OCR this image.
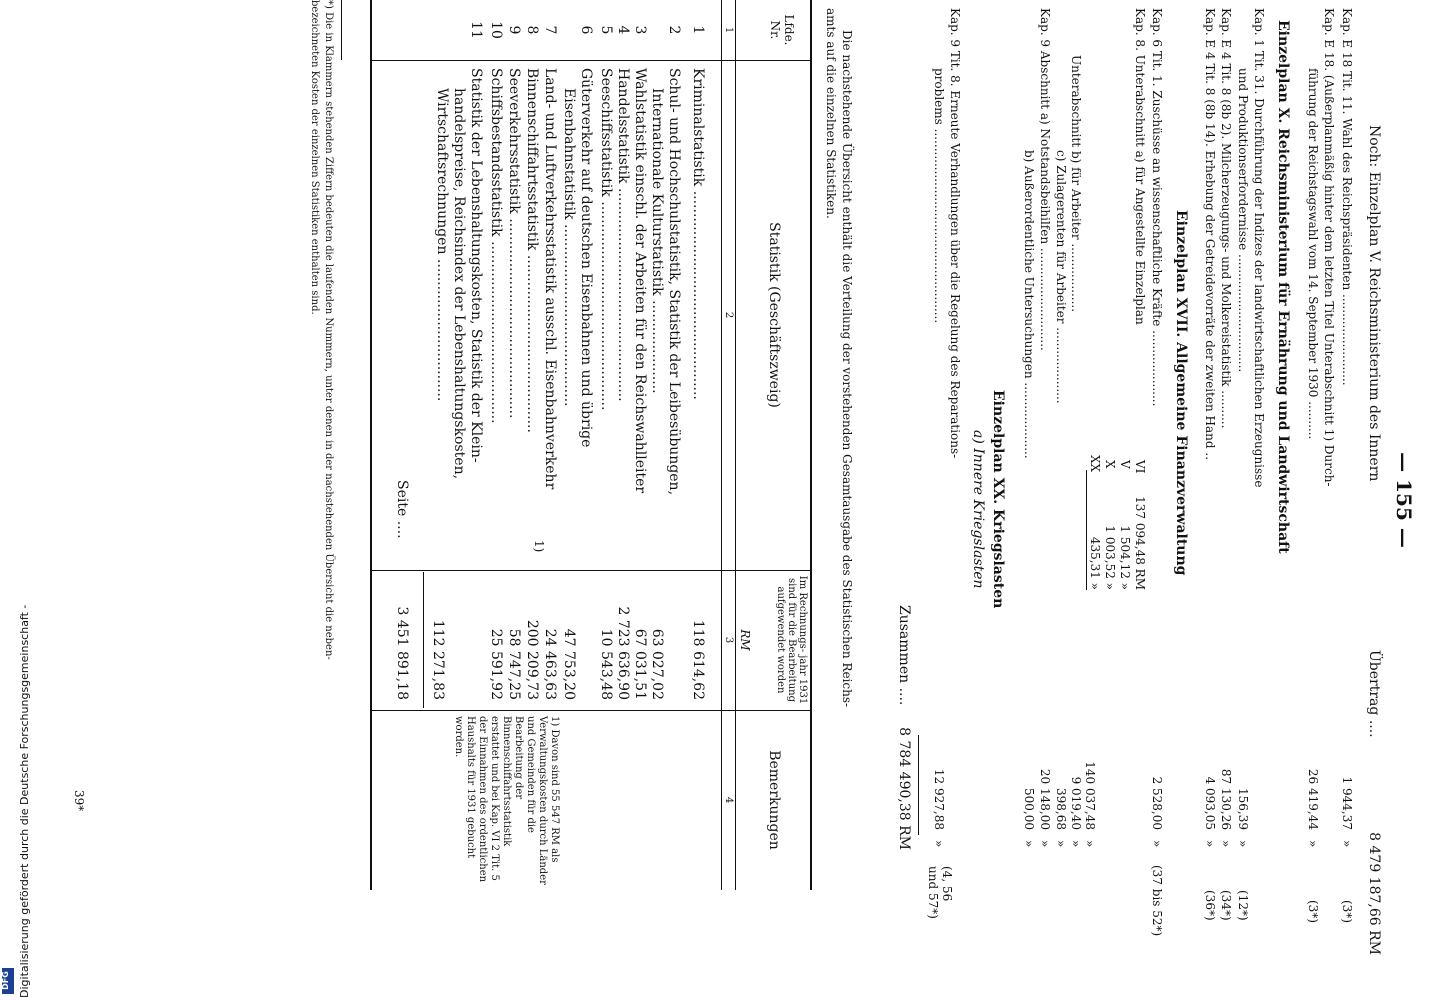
— 155 —
Noch: Einzelplan V. Reichsministerium des Innern
Übertrag ....
8 479 187,66 RM
Kap. E 18 Tit. 11. Wahl des Reichspräsidenten ........................
1 944,37
»
(3*)
Kap. E 18. (Außerplanmäßig hinter dem letzten Titel Unterabschnitt 1) Durch-
führung der Reichstagswahl vom 14. September 1930 ..........
26 419,44
»
(3*)
Einzelplan X. Reichsministerium für Ernährung und Landwirtschaft
Kap. 1 Tit. 31. Durchführung der Indizes der landwirtschaftlichen Erzeugnisse
und Produktionserfordernisse ...............................
156,39
»
(12*)
Kap. E 4 Tit. 8 (8b 2). Milcherzeugungs- und Molkereistatistik ..........
87 130,26
»
(34*)
Kap. E 4 Tit. 8 (8b 14). Erhebung der Getreidevorräte der zweiten Hand ..
4 093,05
»
(36*)
Einzelplan XVII. Allgemeine Finanzverwaltung
Kap. 6 Tit. 1. Zuschüsse an wissenschaftliche Kräfte ....................
2 528,00
»
(37 bis 52*)
Kap. 8. Unterabschnitt a) für Angestellte Einzelplan
VI
137 094,48 RM
V
1 504,12 »
X
1 003,52 »
XX
435,31 »
140 037,48
»
Unterabschnitt b) für Arbeiter ..................
c) Zulagerenten für Arbeiter ....................
9 019,40
»
Kap. 9 Abschnitt a) Notstandsbeihilfen ...........................
398,68
»
b) Außerordentliche Untersuchungen ....................
20 148,00
»
500,00
»
Einzelplan XX. Kriegslasten
a) Innere Kriegslasten
Kap. 9 Tit. 8. Erneute Verhandlungen über die Regelung des Reparations-
problems ...................................................
12 927,88
»
(4, 56 und 57*)
Zusammen ....
8 784 490,38 RM
Die nachstehende Übersicht enthält die Verteilung der vorstehenden Gesamtausgabe des Statistischen Reichs-
amts auf die einzelnen Statistiken.
Lfde. Nr.
Statistik (Geschäftszweig)
Im Rechnungs- jahr 1931 sind für die Bearbeitung aufgewendet worden
RM
Bemerkungen
1
2
3
4
1
Kriminalstatistik ...............................................
118 614,62
2
Schul- und Hochschulstatistik, Statistik der Leibesübungen,
Internationale Kulturstatistik .....................
63 027,02
3
Wahlstatistik einschl. der Arbeiten für den Reichswahlleiter
67 031,51
4
Handelsstatistik ................................................
2 723 636,90
5
Seeschiffsstatistik ...............................................
10 543,48
6
Güterverkehr auf deutschen Eisenbahnen und übrige
Eisenbahnstatistik .........................................
47 753,20
7
Land- und Luftverkehrsstatistik ausschl. Eisenbahnverkehr
24 463,63
8
Binnenschiffahrtsstatistik ........................................
1)
200 209,73
9
Seeverkehrsstatistik .............................................
58 747,25
10
Schiffsbestandsstatistik .........................................
25 591,92
11
Statistik der Lebenshaltungskosten, Statistik der Klein-
handelspreise, Reichsindex der Lebenshaltungskosten,
Wirtschaftsrechnungen ................................
112 271,83
Seite ....
3 451 891,18
1) Davon sind 55 547 RM als Verwaltungskosten durch Länder und Gemeinden für die Bearbeitung der Binnenschiffahrtsstatistik erstattet und bei Kap. VI 2 Tit. 5 der Einnahmen des ordentlichen Haushalts für 1931 gebucht worden.
*) Die in Klammern stehenden Ziffern bedeuten die laufenden Nummern, unter denen in der nachstehenden Übersicht die neben-
bezeichneten Kosten der einzelnen Statistiken enthalten sind.
39*
Digitalisierung gefördert durch die Deutsche Forschungsgemeinschaft -
DFG
